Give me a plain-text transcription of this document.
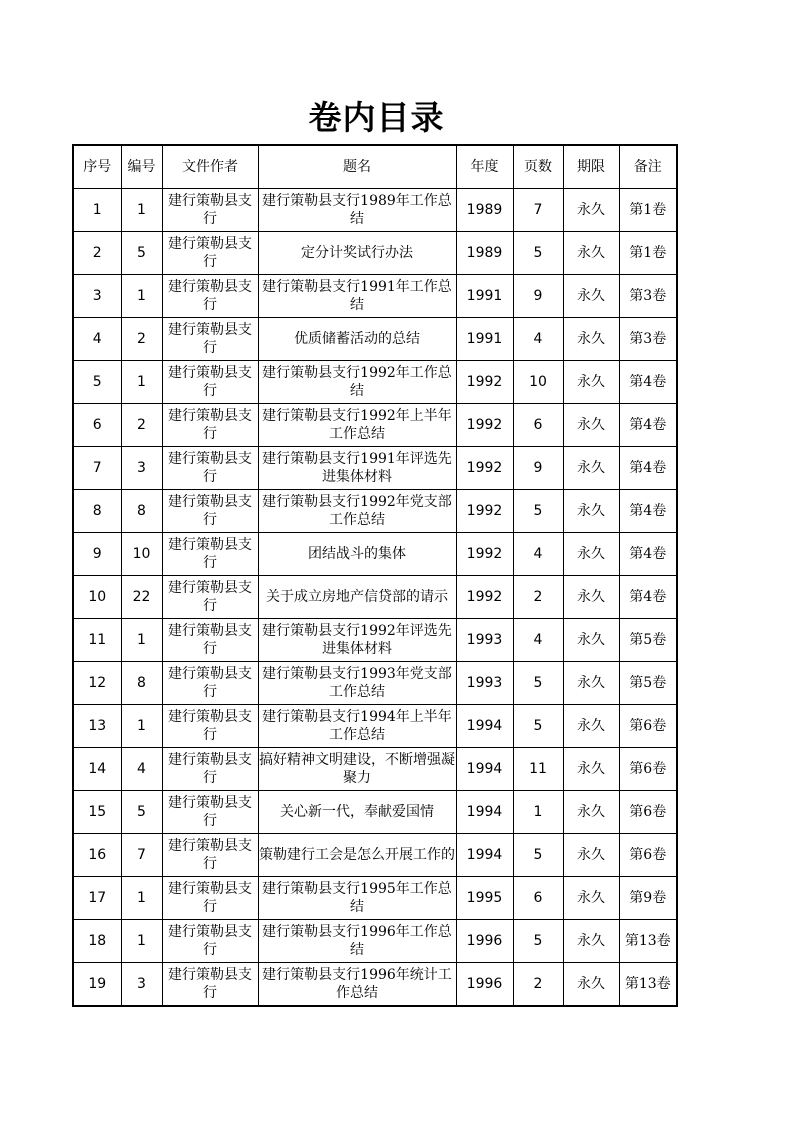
卷内目录
序号	编号	文件作者	题名	年度	页数	期限	备注
1	1	建行策勒县支行	建行策勒县支行1989年工作总结	1989	7	永久	第1卷
2	5	建行策勒县支行	定分计奖试行办法	1989	5	永久	第1卷
3	1	建行策勒县支行	建行策勒县支行1991年工作总结	1991	9	永久	第3卷
4	2	建行策勒县支行	优质储蓄活动的总结	1991	4	永久	第3卷
5	1	建行策勒县支行	建行策勒县支行1992年工作总结	1992	10	永久	第4卷
6	2	建行策勒县支行	建行策勒县支行1992年上半年工作总结	1992	6	永久	第4卷
7	3	建行策勒县支行	建行策勒县支行1991年评选先进集体材料	1992	9	永久	第4卷
8	8	建行策勒县支行	建行策勒县支行1992年党支部工作总结	1992	5	永久	第4卷
9	10	建行策勒县支行	团结战斗的集体	1992	4	永久	第4卷
10	22	建行策勒县支行	关于成立房地产信贷部的请示	1992	2	永久	第4卷
11	1	建行策勒县支行	建行策勒县支行1992年评选先进集体材料	1993	4	永久	第5卷
12	8	建行策勒县支行	建行策勒县支行1993年党支部工作总结	1993	5	永久	第5卷
13	1	建行策勒县支行	建行策勒县支行1994年上半年工作总结	1994	5	永久	第6卷
14	4	建行策勒县支行	搞好精神文明建设，不断增强凝聚力	1994	11	永久	第6卷
15	5	建行策勒县支行	关心新一代，奉献爱国情	1994	1	永久	第6卷
16	7	建行策勒县支行	策勒建行工会是怎么开展工作的	1994	5	永久	第6卷
17	1	建行策勒县支行	建行策勒县支行1995年工作总结	1995	6	永久	第9卷
18	1	建行策勒县支行	建行策勒县支行1996年工作总结	1996	5	永久	第13卷
19	3	建行策勒县支行	建行策勒县支行1996年统计工作总结	1996	2	永久	第13卷
